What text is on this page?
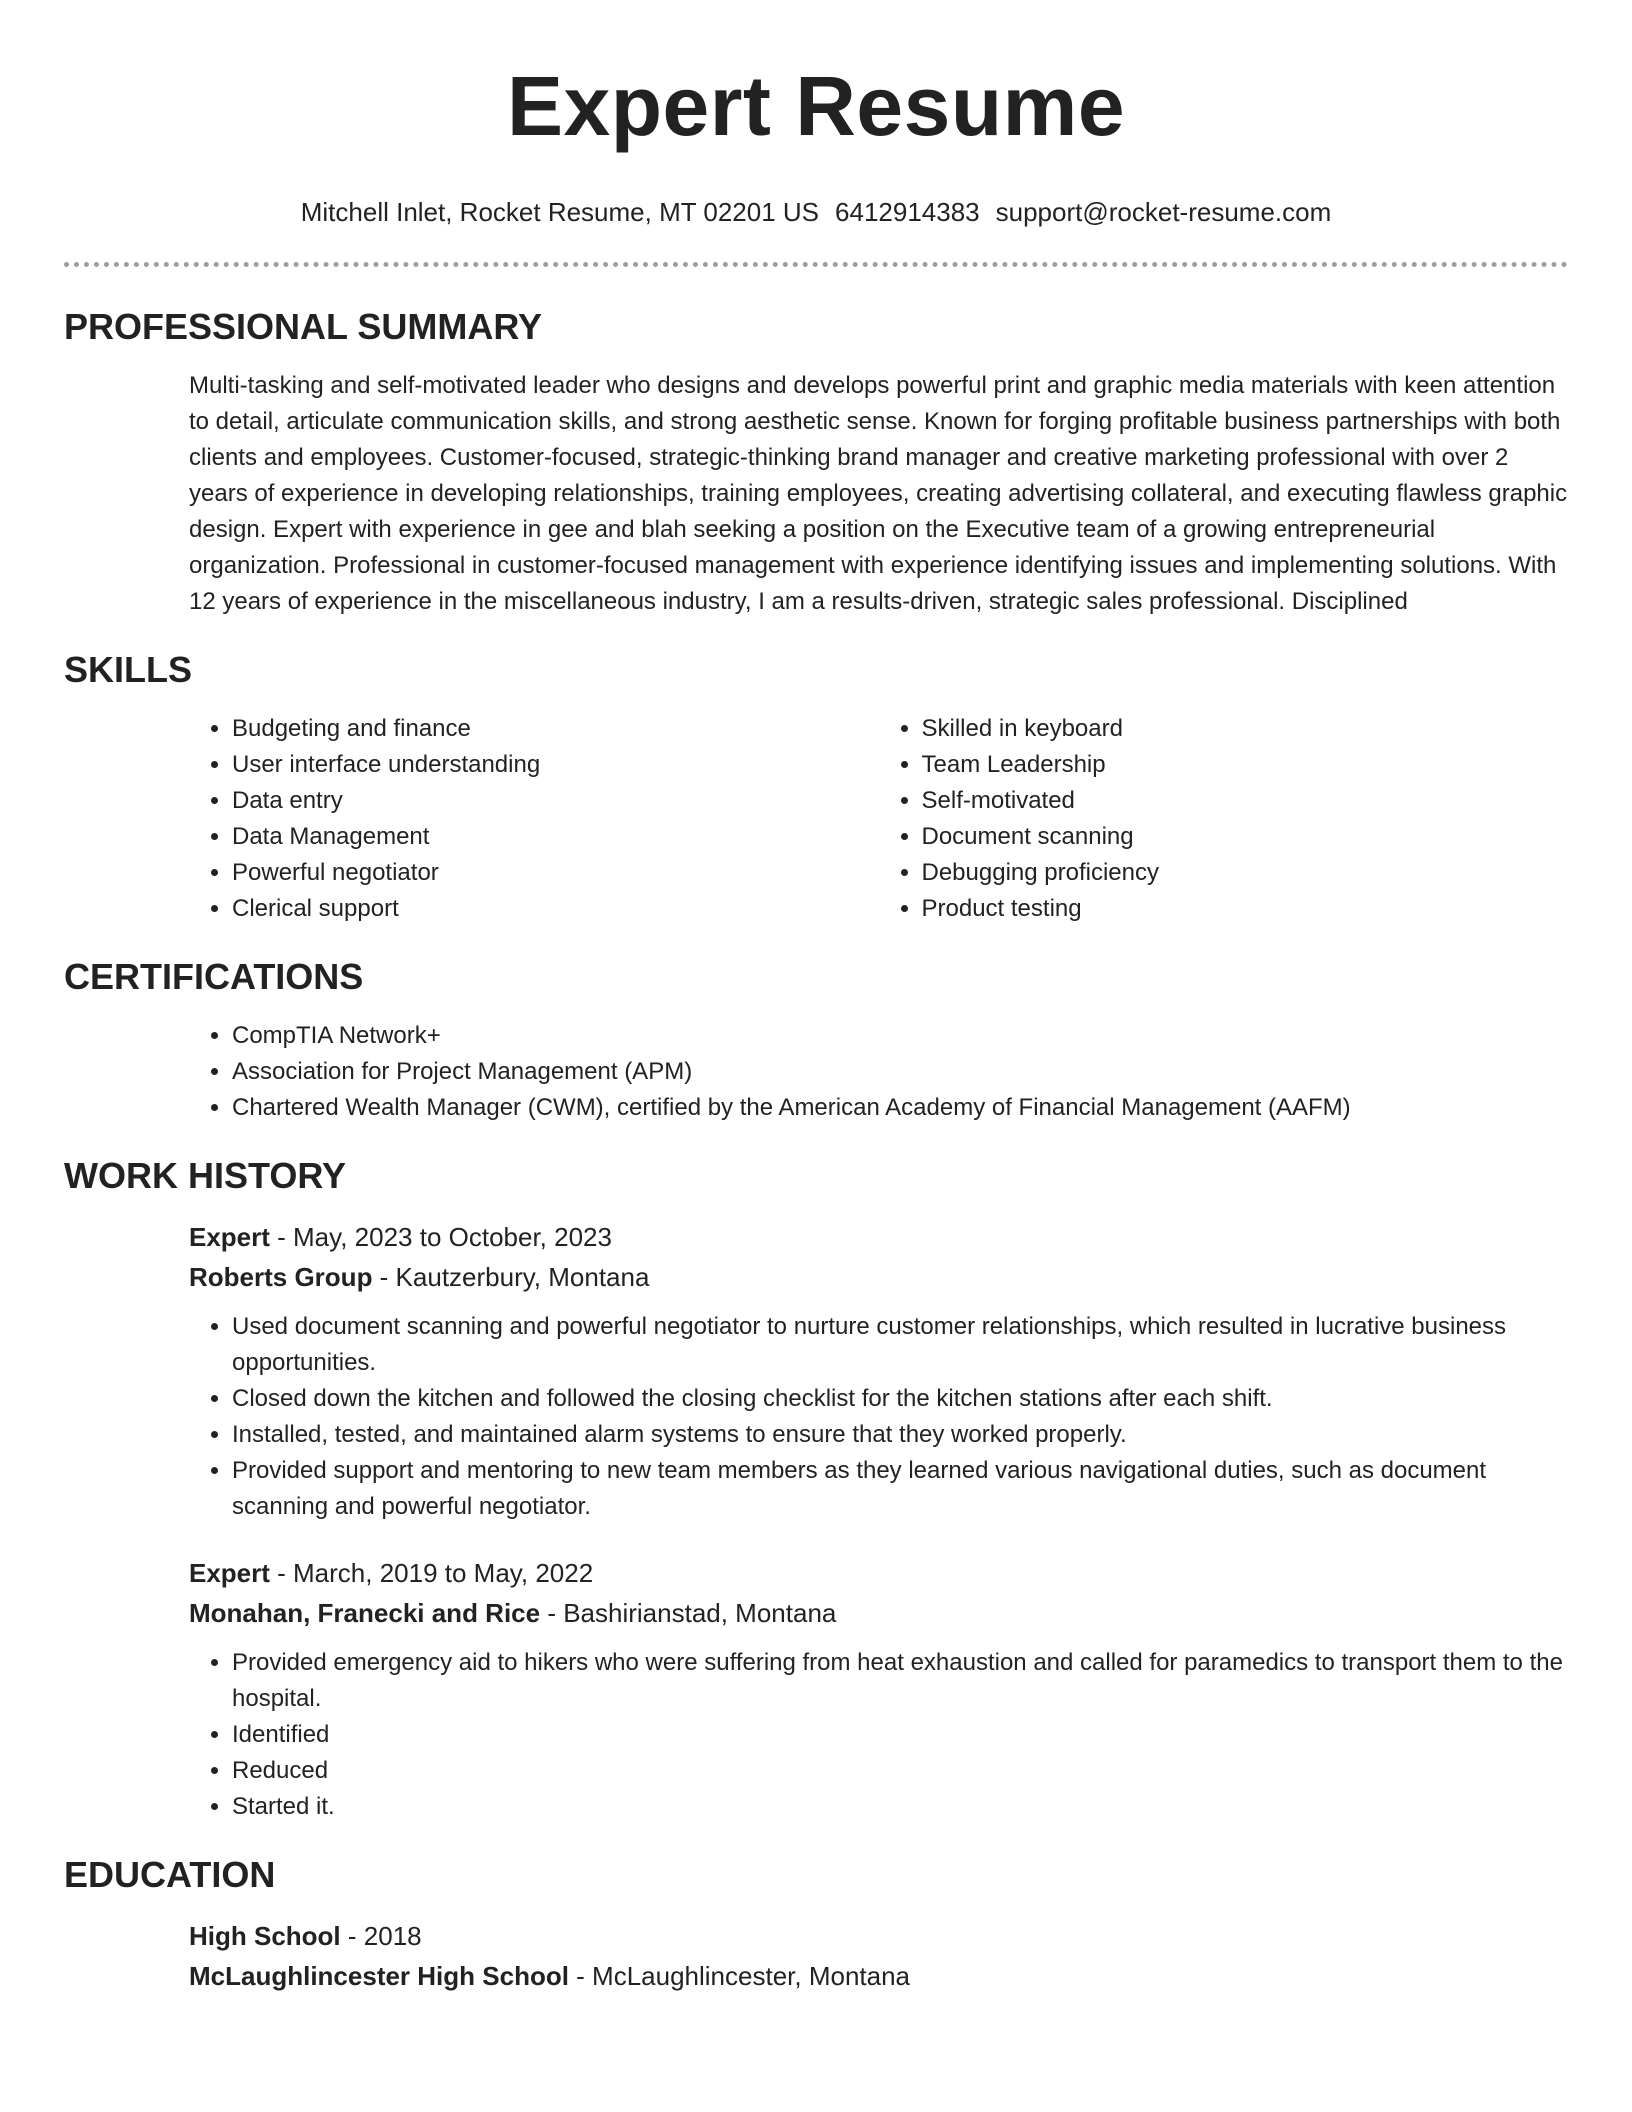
Expert Resume
Mitchell Inlet, Rocket Resume, MT 02201 US 6412914383 support@rocket-resume.com
PROFESSIONAL SUMMARY
Multi-tasking and self-motivated leader who designs and develops powerful print and graphic media materials with keen attention to detail, articulate communication skills, and strong aesthetic sense. Known for forging profitable business partnerships with both clients and employees. Customer-focused, strategic-thinking brand manager and creative marketing professional with over 2 years of experience in developing relationships, training employees, creating advertising collateral, and executing flawless graphic design. Expert with experience in gee and blah seeking a position on the Executive team of a growing entrepreneurial organization. Professional in customer-focused management with experience identifying issues and implementing solutions. With 12 years of experience in the miscellaneous industry, I am a results-driven, strategic sales professional. Disciplined
SKILLS
• Budgeting and finance
• User interface understanding
• Data entry
• Data Management
• Powerful negotiator
• Clerical support
• Skilled in keyboard
• Team Leadership
• Self-motivated
• Document scanning
• Debugging proficiency
• Product testing
CERTIFICATIONS
• CompTIA Network+
• Association for Project Management (APM)
• Chartered Wealth Manager (CWM), certified by the American Academy of Financial Management (AAFM)
WORK HISTORY
Expert - May, 2023 to October, 2023
Roberts Group - Kautzerbury, Montana
• Used document scanning and powerful negotiator to nurture customer relationships, which resulted in lucrative business opportunities.
• Closed down the kitchen and followed the closing checklist for the kitchen stations after each shift.
• Installed, tested, and maintained alarm systems to ensure that they worked properly.
• Provided support and mentoring to new team members as they learned various navigational duties, such as document scanning and powerful negotiator.
Expert - March, 2019 to May, 2022
Monahan, Franecki and Rice - Bashirianstad, Montana
• Provided emergency aid to hikers who were suffering from heat exhaustion and called for paramedics to transport them to the hospital.
• Identified
• Reduced
• Started it.
EDUCATION
High School - 2018
McLaughlincester High School - McLaughlincester, Montana
